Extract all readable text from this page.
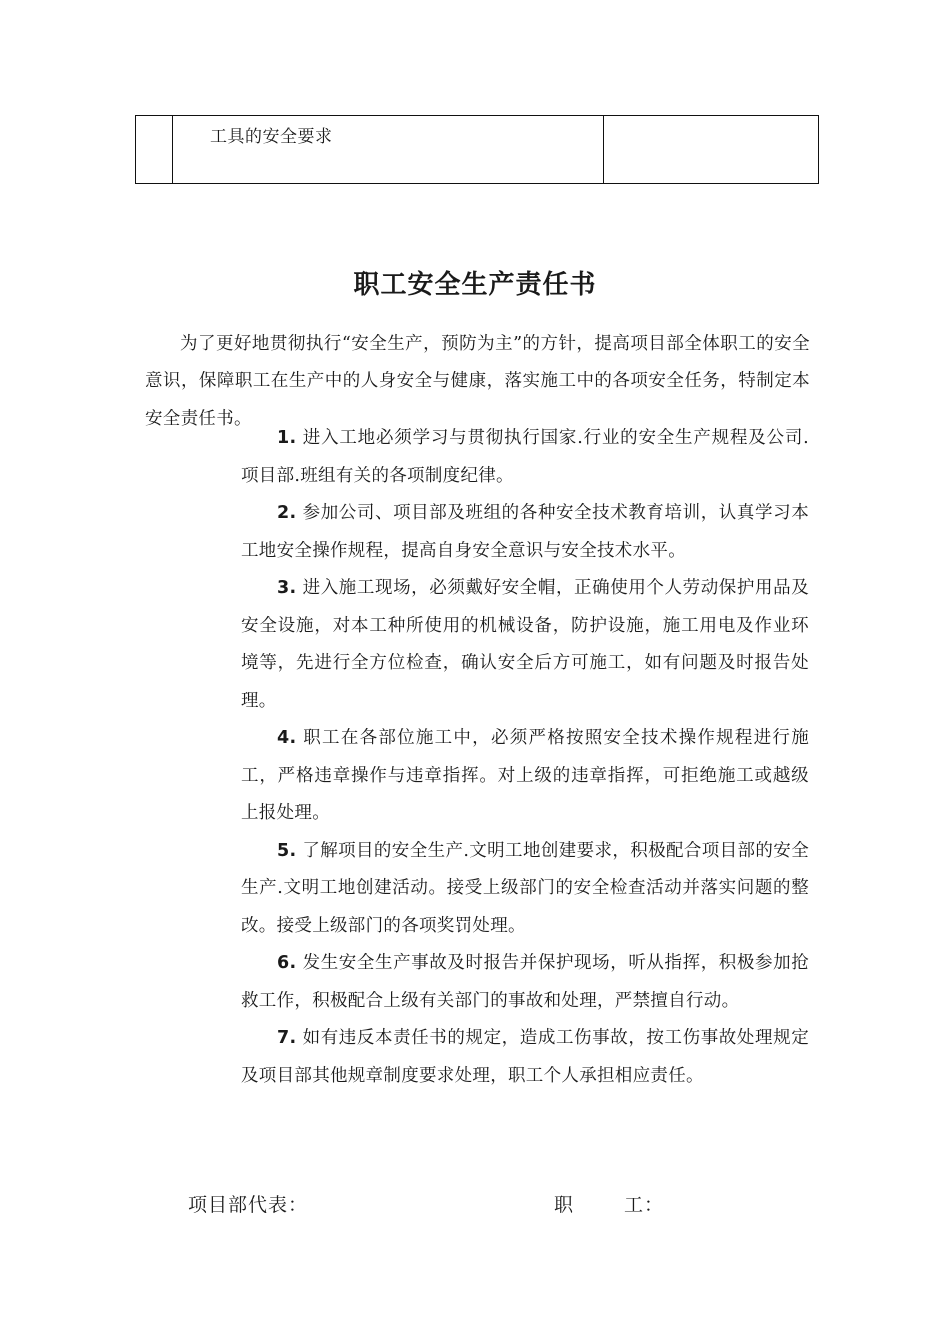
工具的安全要求
职工安全生产责任书

为了更好地贯彻执行“安全生产，预防为主”的方针，提高项目部全体职工的安全意识，保障职工在生产中的人身安全与健康，落实施工中的各项安全任务，特制定本安全责任书。

1. 进入工地必须学习与贯彻执行国家.行业的安全生产规程及公司.项目部.班组有关的各项制度纪律。

2. 参加公司、项目部及班组的各种安全技术教育培训，认真学习本工地安全操作规程，提高自身安全意识与安全技术水平。

3. 进入施工现场，必须戴好安全帽，正确使用个人劳动保护用品及安全设施，对本工种所使用的机械设备，防护设施，施工用电及作业环境等，先进行全方位检查，确认安全后方可施工，如有问题及时报告处理。

4. 职工在各部位施工中，必须严格按照安全技术操作规程进行施工，严格违章操作与违章指挥。对上级的违章指挥，可拒绝施工或越级上报处理。

5. 了解项目的安全生产.文明工地创建要求，积极配合项目部的安全生产.文明工地创建活动。接受上级部门的安全检查活动并落实问题的整改。接受上级部门的各项奖罚处理。

6. 发生安全生产事故及时报告并保护现场，听从指挥，积极参加抢救工作，积极配合上级有关部门的事故和处理，严禁擅自行动。

7. 如有违反本责任书的规定，造成工伤事故，按工伤事故处理规定及项目部其他规章制度要求处理，职工个人承担相应责任。

项目部代表：	职	工：
